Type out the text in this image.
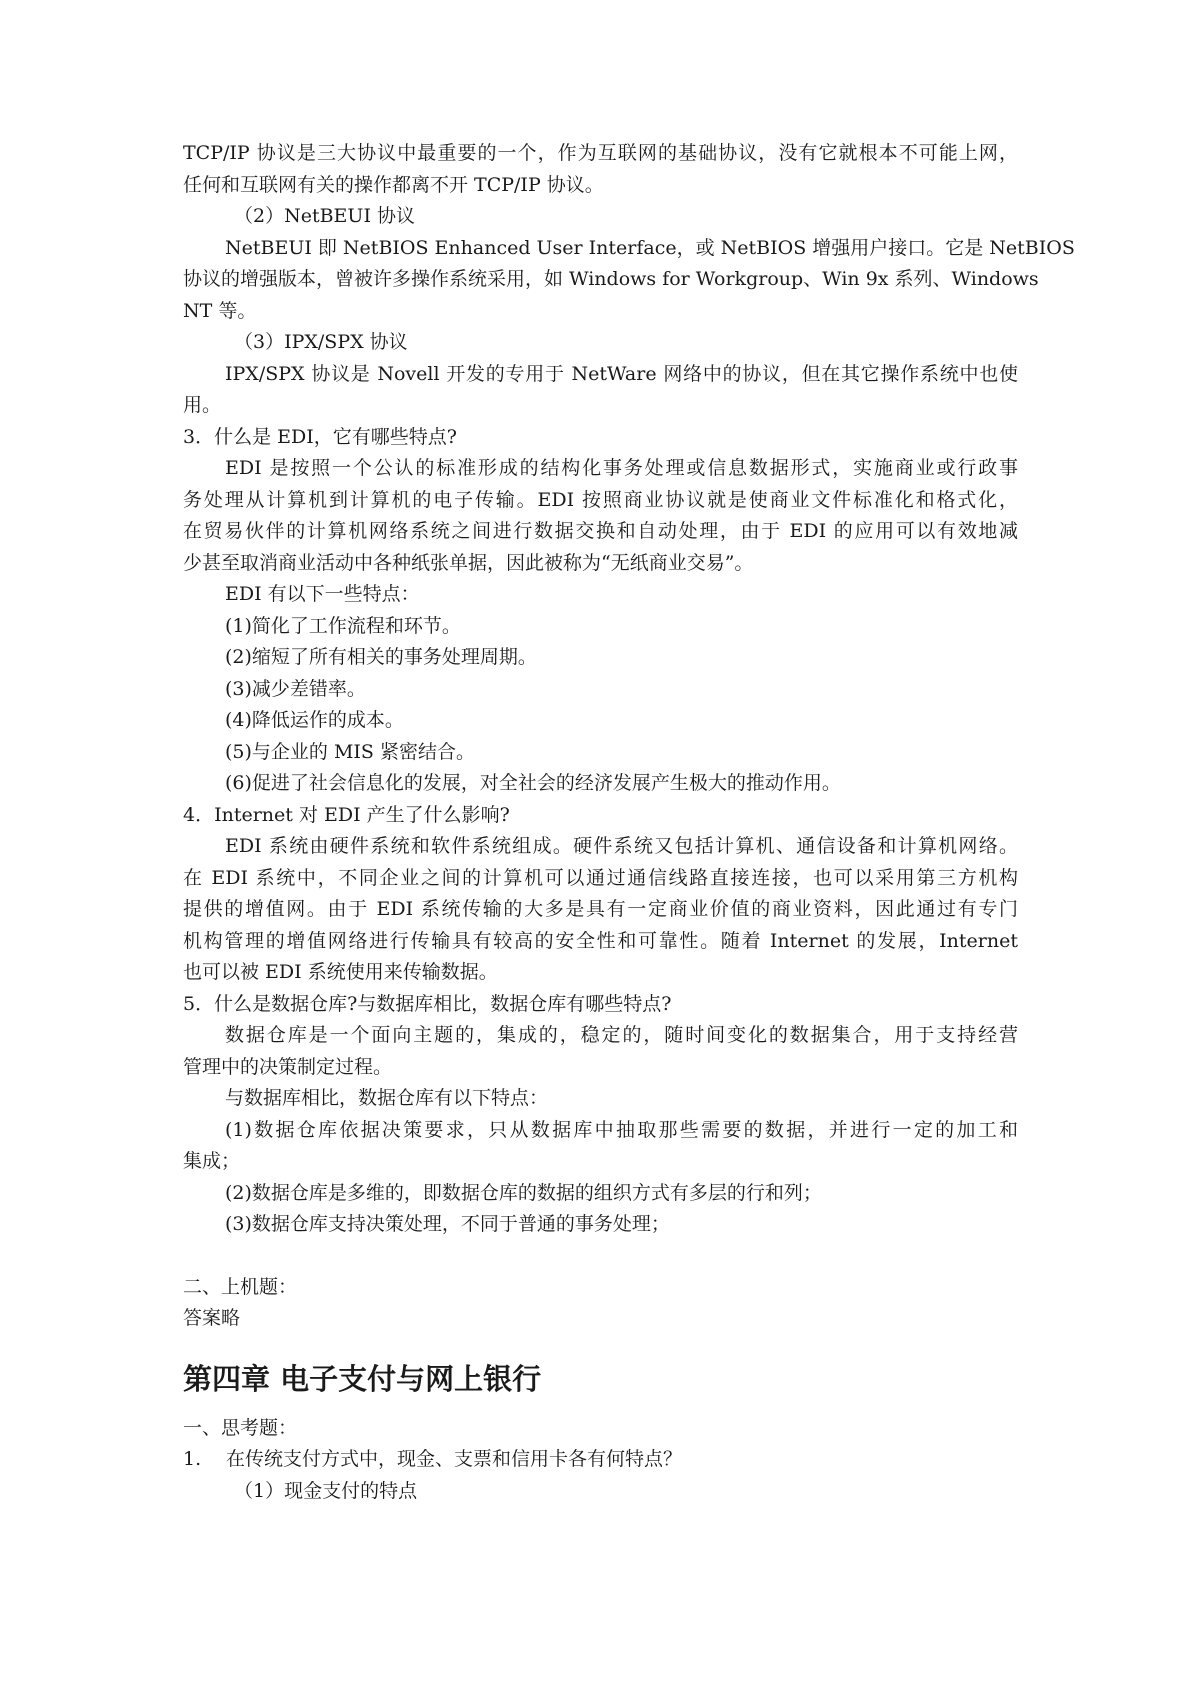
TCP/IP 协议是三大协议中最重要的一个，作为互联网的基础协议，没有它就根本不可能上网，
任何和互联网有关的操作都离不开 TCP/IP 协议。
（2）NetBEUI 协议
NetBEUI 即 NetBIOS Enhanced User Interface，或 NetBIOS 增强用户接口。它是 NetBIOS
协议的增强版本，曾被许多操作系统采用，如 Windows for Workgroup、Win 9x 系列、Windows
NT 等。
（3）IPX/SPX 协议
IPX/SPX 协议是 Novell 开发的专用于 NetWare 网络中的协议，但在其它操作系统中也使
用。
3．什么是 EDI，它有哪些特点?
EDI 是按照一个公认的标准形成的结构化事务处理或信息数据形式，实施商业或行政事
务处理从计算机到计算机的电子传输。EDI 按照商业协议就是使商业文件标准化和格式化，
在贸易伙伴的计算机网络系统之间进行数据交换和自动处理，由于 EDI 的应用可以有效地减
少甚至取消商业活动中各种纸张单据，因此被称为“无纸商业交易”。
EDI 有以下一些特点：
(1)简化了工作流程和环节。
(2)缩短了所有相关的事务处理周期。
(3)减少差错率。
(4)降低运作的成本。
(5)与企业的 MIS 紧密结合。
(6)促进了社会信息化的发展，对全社会的经济发展产生极大的推动作用。
4．Internet 对 EDI 产生了什么影响?
EDI 系统由硬件系统和软件系统组成。硬件系统又包括计算机、通信设备和计算机网络。
在 EDI 系统中，不同企业之间的计算机可以通过通信线路直接连接，也可以采用第三方机构
提供的增值网。由于 EDI 系统传输的大多是具有一定商业价值的商业资料，因此通过有专门
机构管理的增值网络进行传输具有较高的安全性和可靠性。随着 Internet 的发展，Internet
也可以被 EDI 系统使用来传输数据。
5．什么是数据仓库?与数据库相比，数据仓库有哪些特点?
数据仓库是一个面向主题的，集成的，稳定的，随时间变化的数据集合，用于支持经营
管理中的决策制定过程。
与数据库相比，数据仓库有以下特点：
(1)数据仓库依据决策要求，只从数据库中抽取那些需要的数据，并进行一定的加工和
集成；
(2)数据仓库是多维的，即数据仓库的数据的组织方式有多层的行和列；
(3)数据仓库支持决策处理，不同于普通的事务处理；
二、上机题：
答案略
第四章 电子支付与网上银行
一、思考题：
1.	在传统支付方式中，现金、支票和信用卡各有何特点？
（1）现金支付的特点
